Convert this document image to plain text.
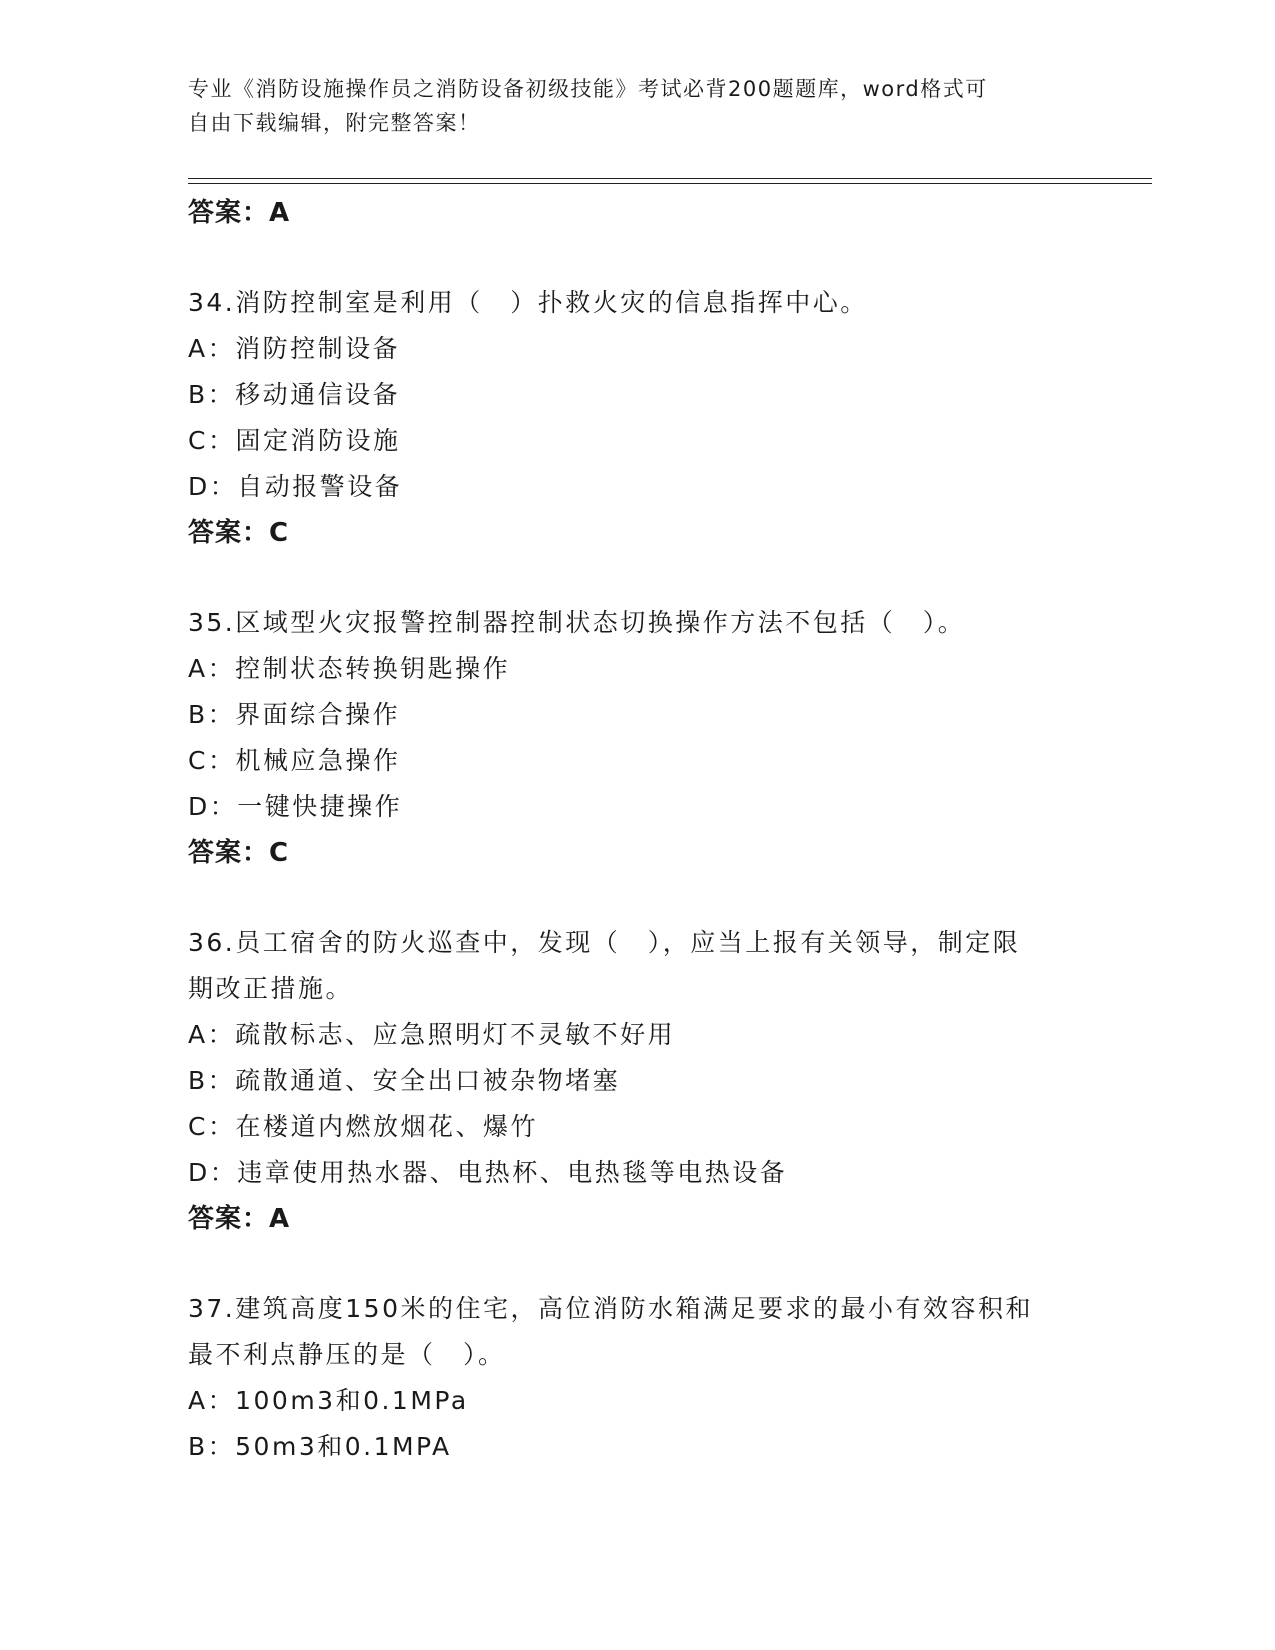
专业《消防设施操作员之消防设备初级技能》考试必背200题题库，word格式可
自由下载编辑，附完整答案！
答案：A
34.消防控制室是利用（　）扑救火灾的信息指挥中心。
A：消防控制设备
B：移动通信设备
C：固定消防设施
D：自动报警设备
答案：C
35.区域型火灾报警控制器控制状态切换操作方法不包括（　）。
A：控制状态转换钥匙操作
B：界面综合操作
C：机械应急操作
D：一键快捷操作
答案：C
36.员工宿舍的防火巡查中，发现（　），应当上报有关领导，制定限
期改正措施。
A：疏散标志、应急照明灯不灵敏不好用
B：疏散通道、安全出口被杂物堵塞
C：在楼道内燃放烟花、爆竹
D：违章使用热水器、电热杯、电热毯等电热设备
答案：A
37.建筑高度150米的住宅，高位消防水箱满足要求的最小有效容积和
最不利点静压的是（　）。
A：100m3和0.1MPa
B：50m3和0.1MPA
